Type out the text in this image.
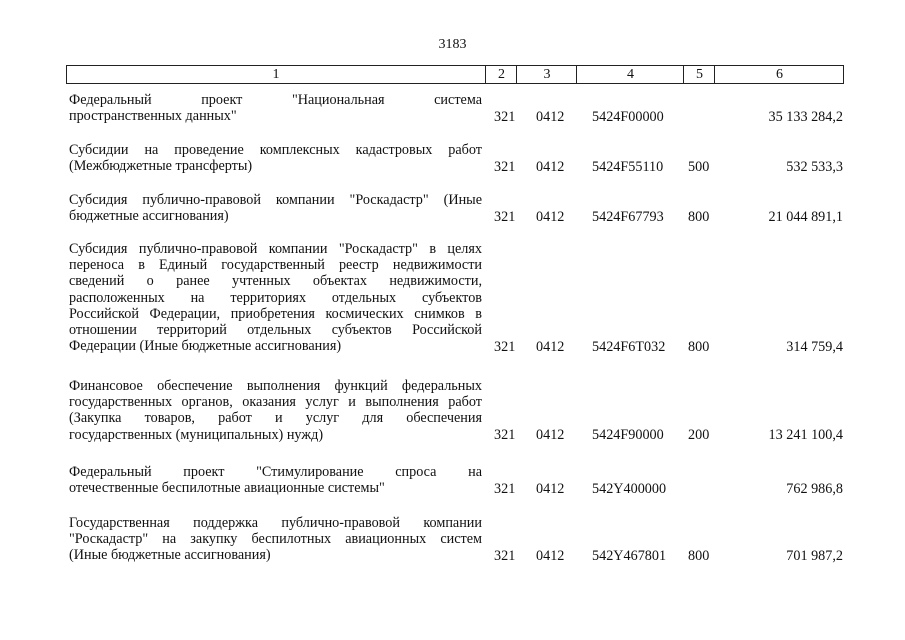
3183
1	2	3	4	5	6
Федеральный проект "Национальная система
пространственных данных"	321 0412 5424F00000	35 133 284,2
Субсидии на проведение комплексных кадастровых работ
(Межбюджетные трансферты)	321 0412 5424F55110 500	532 533,3
Субсидия публично-правовой компании "Роскадастр" (Иные
бюджетные ассигнования)	321 0412 5424F67793 800	21 044 891,1
Субсидия публично-правовой компании "Роскадастр" в целях
переноса в Единый государственный реестр недвижимости
сведений о ранее учтенных объектах недвижимости,
расположенных на территориях отдельных субъектов
Российской Федерации, приобретения космических снимков в
отношении территорий отдельных субъектов Российской
Федерации (Иные бюджетные ассигнования)	321 0412 5424F6T032 800	314 759,4
Финансовое обеспечение выполнения функций федеральных
государственных органов, оказания услуг и выполнения работ
(Закупка товаров, работ и услуг для обеспечения
государственных (муниципальных) нужд)	321 0412 5424F90000 200	13 241 100,4
Федеральный проект "Стимулирование спроса на
отечественные беспилотные авиационные системы"	321 0412 542Y400000	762 986,8
Государственная поддержка публично-правовой компании
"Роскадастр" на закупку беспилотных авиационных систем
(Иные бюджетные ассигнования)	321 0412 542Y467801 800	701 987,2
